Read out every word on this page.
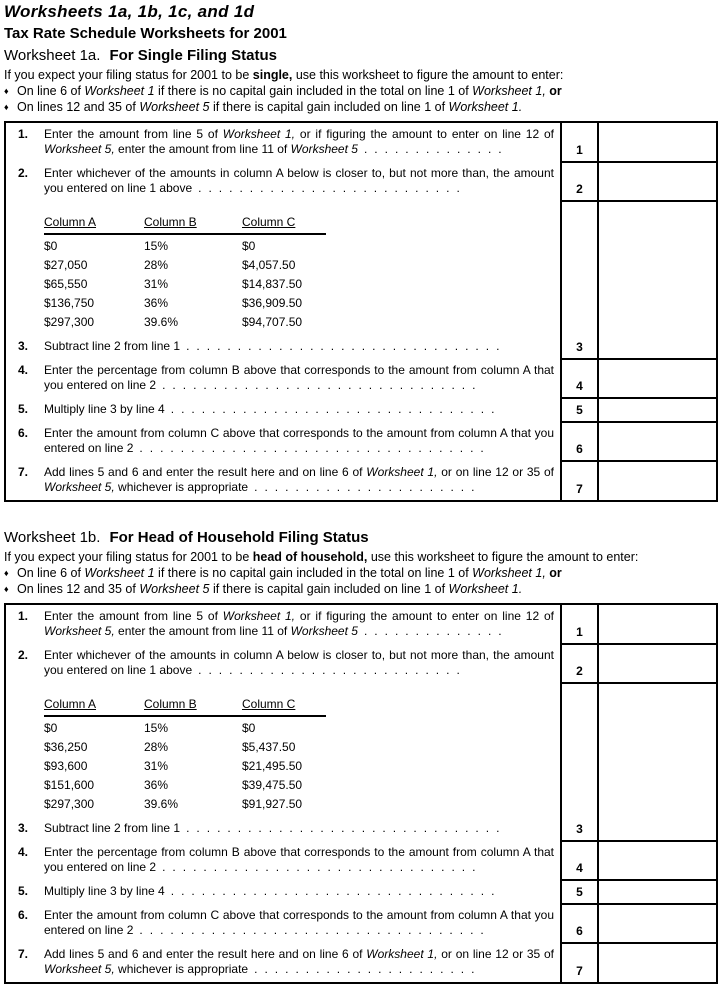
Worksheets 1a, 1b, 1c, and 1d
Tax Rate Schedule Worksheets for 2001
Worksheet 1a. For Single Filing Status
If you expect your filing status for 2001 to be single, use this worksheet to figure the amount to enter:
♦ On line 6 of Worksheet 1 if there is no capital gain included in the total on line 1 of Worksheet 1, or
♦ On lines 12 and 35 of Worksheet 5 if there is capital gain included on line 1 of Worksheet 1.
1.	Enter the amount from line 5 of Worksheet 1, or if figuring the amount to enter on line 12 of Worksheet 5, enter the amount from line 11 of Worksheet 5 ..............	1	

2.	Enter whichever of the amounts in column A below is closer to, but not more than, the amount you entered on line 1 above ..........................	2	

Column A	Column B	Column C
$0	15%	$0
$27,050	28%	$4,057.50
$65,550	31%	$14,837.50
$136,750	36%	$36,909.50
$297,300	39.6%	$94,707.50
3.	Subtract line 2 from line 1 ...............................	3	

4.	Enter the percentage from column B above that corresponds to the amount from column A that you entered on line 2 ...............................	4	

5.	Multiply line 3 by line 4 ................................	5	

6.	Enter the amount from column C above that corresponds to the amount from column A that you entered on line 2 ..................................	6	

7.	Add lines 5 and 6 and enter the result here and on line 6 of Worksheet 1, or on line 12 or 35 of Worksheet 5, whichever is appropriate ......................	7	
Worksheet 1b. For Head of Household Filing Status
If you expect your filing status for 2001 to be head of household, use this worksheet to figure the amount to enter:
♦ On line 6 of Worksheet 1 if there is no capital gain included in the total on line 1 of Worksheet 1, or
♦ On lines 12 and 35 of Worksheet 5 if there is capital gain included on line 1 of Worksheet 1.
1.	Enter the amount from line 5 of Worksheet 1, or if figuring the amount to enter on line 12 of Worksheet 5, enter the amount from line 11 of Worksheet 5 ..............	1	

2.	Enter whichever of the amounts in column A below is closer to, but not more than, the amount you entered on line 1 above ..........................	2	

Column A	Column B	Column C
$0	15%	$0
$36,250	28%	$5,437.50
$93,600	31%	$21,495.50
$151,600	36%	$39,475.50
$297,300	39.6%	$91,927.50
3.	Subtract line 2 from line 1 ...............................	3	

4.	Enter the percentage from column B above that corresponds to the amount from column A that you entered on line 2 ...............................	4	

5.	Multiply line 3 by line 4 ................................	5	

6.	Enter the amount from column C above that corresponds to the amount from column A that you entered on line 2 ..................................	6	

7.	Add lines 5 and 6 and enter the result here and on line 6 of Worksheet 1, or on line 12 or 35 of Worksheet 5, whichever is appropriate ......................	7	
